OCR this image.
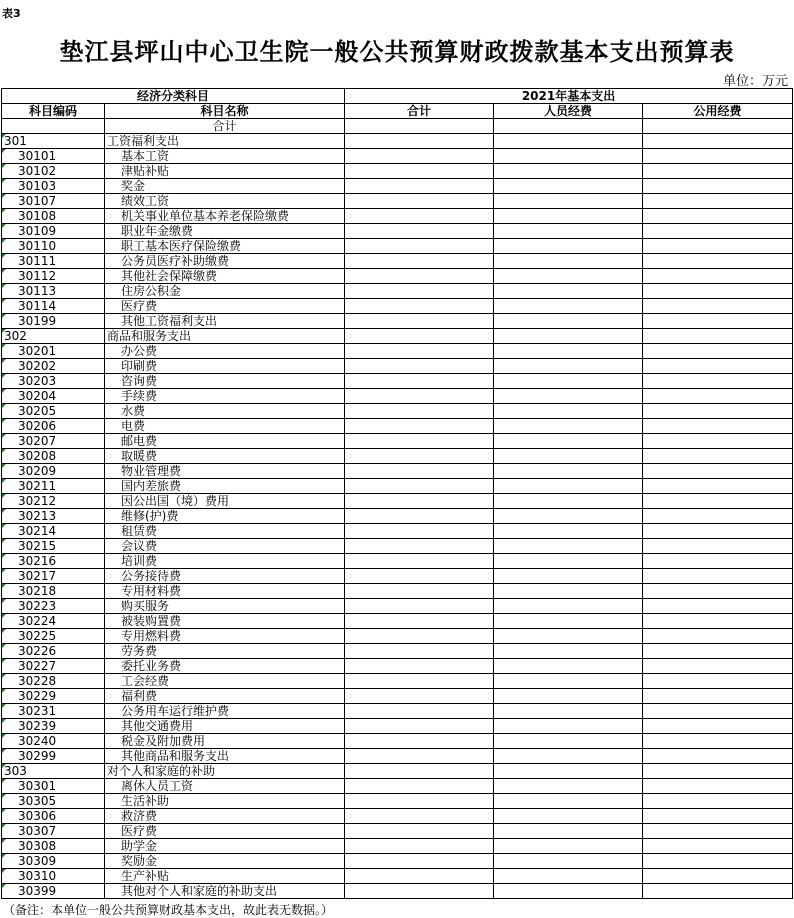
表3
垫江县坪山中心卫生院一般公共预算财政拨款基本支出预算表
单位：万元
经济分类科目		2021年基本支出		
科目编码	科目名称	合计	人员经费	公用经费
	合计			
301	工资福利支出			
30101	基本工资			
30102	津贴补贴			
30103	奖金			
30107	绩效工资			
30108	机关事业单位基本养老保险缴费			
30109	职业年金缴费			
30110	职工基本医疗保险缴费			
30111	公务员医疗补助缴费			
30112	其他社会保障缴费			
30113	住房公积金			
30114	医疗费			
30199	其他工资福利支出			
302	商品和服务支出			
30201	办公费			
30202	印刷费			
30203	咨询费			
30204	手续费			
30205	水费			
30206	电费			
30207	邮电费			
30208	取暖费			
30209	物业管理费			
30211	国内差旅费			
30212	因公出国（境）费用			
30213	维修(护)费			
30214	租赁费			
30215	会议费			
30216	培训费			
30217	公务接待费			
30218	专用材料费			
30223	购买服务			
30224	被装购置费			
30225	专用燃料费			
30226	劳务费			
30227	委托业务费			
30228	工会经费			
30229	福利费			
30231	公务用车运行维护费			
30239	其他交通费用			
30240	税金及附加费用			
30299	其他商品和服务支出			
303	对个人和家庭的补助			
30301	离休人员工资			
30305	生活补助			
30306	救济费			
30307	医疗费			
30308	助学金			
30309	奖励金			
30310	生产补贴			
30399	其他对个人和家庭的补助支出			
（备注：本单位一般公共预算财政基本支出，故此表无数据。）
